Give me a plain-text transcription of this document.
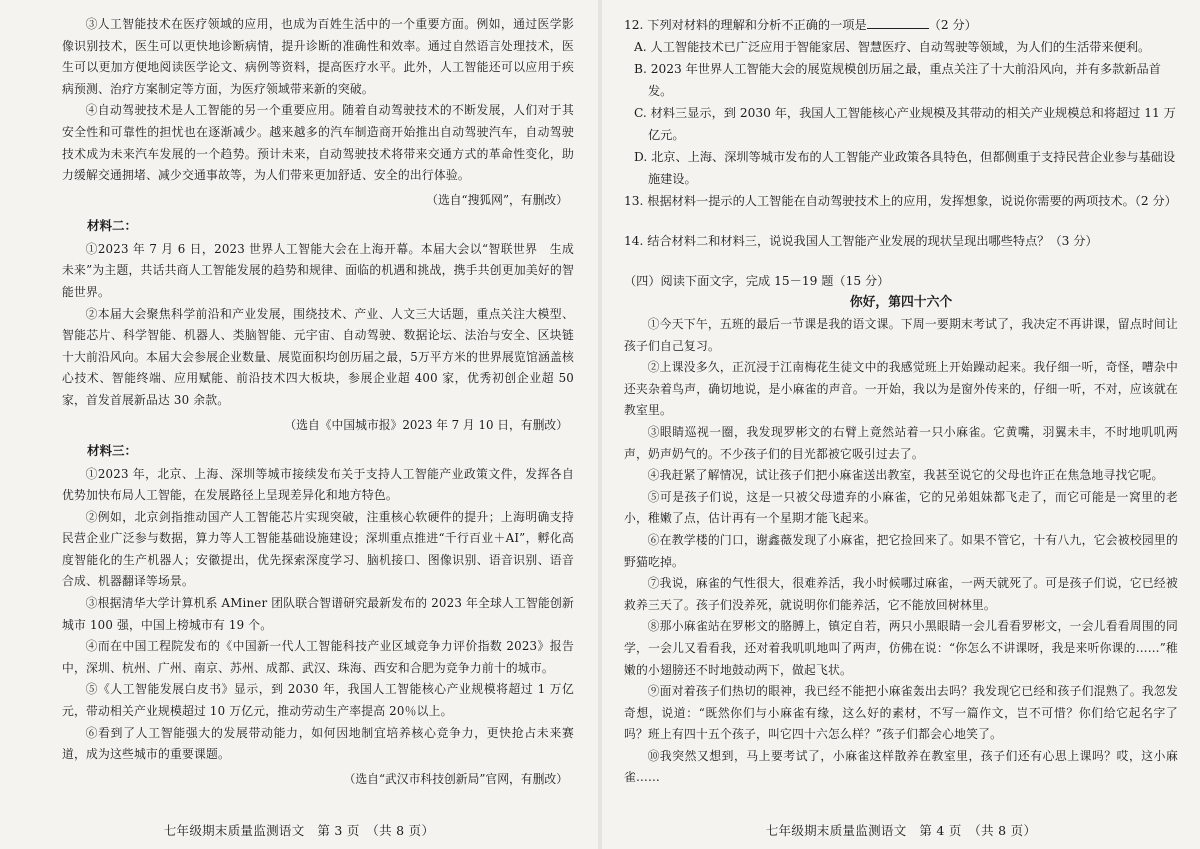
③人工智能技术在医疗领域的应用，也成为百姓生活中的一个重要方面。例如，通过医学影像识别技术，医生可以更快地诊断病情，提升诊断的准确性和效率。通过自然语言处理技术，医生可以更加方便地阅读医学论文、病例等资料，提高医疗水平。此外，人工智能还可以应用于疾病预测、治疗方案制定等方面，为医疗领域带来新的突破。

④自动驾驶技术是人工智能的另一个重要应用。随着自动驾驶技术的不断发展，人们对于其安全性和可靠性的担忧也在逐渐减少。越来越多的汽车制造商开始推出自动驾驶汽车，自动驾驶技术成为未来汽车发展的一个趋势。预计未来，自动驾驶技术将带来交通方式的革命性变化，助力缓解交通拥堵、减少交通事故等，为人们带来更加舒适、安全的出行体验。

（选自“搜狐网”，有删改）

材料二：

①2023 年 7 月 6 日，2023 世界人工智能大会在上海开幕。本届大会以“智联世界　生成未来”为主题，共话共商人工智能发展的趋势和规律、面临的机遇和挑战，携手共创更加美好的智能世界。

②本届大会聚焦科学前沿和产业发展，围绕技术、产业、人文三大话题，重点关注大模型、智能芯片、科学智能、机器人、类脑智能、元宇宙、自动驾驶、数据论坛、法治与安全、区块链十大前沿风向。本届大会参展企业数量、展览面积均创历届之最，5万平方米的世界展览馆涵盖核心技术、智能终端、应用赋能、前沿技术四大板块，参展企业超 400 家，优秀初创企业超 50 家，首发首展新品达 30 余款。

（选自《中国城市报》2023 年 7 月 10 日，有删改）

材料三：

①2023 年，北京、上海、深圳等城市接续发布关于支持人工智能产业政策文件，发挥各自优势加快布局人工智能，在发展路径上呈现差异化和地方特色。

②例如，北京剑指推动国产人工智能芯片实现突破，注重核心软硬件的提升；上海明确支持民营企业广泛参与数据，算力等人工智能基础设施建设；深圳重点推进“千行百业＋AI”，孵化高度智能化的生产机器人；安徽提出，优先探索深度学习、脑机接口、图像识别、语音识别、语音合成、机器翻译等场景。

③根据清华大学计算机系 AMiner 团队联合智谱研究最新发布的 2023 年全球人工智能创新城市 100 强，中国上榜城市有 19 个。

④而在中国工程院发布的《中国新一代人工智能科技产业区域竞争力评价指数 2023》报告中，深圳、杭州、广州、南京、苏州、成都、武汉、珠海、西安和合肥为竞争力前十的城市。

⑤《人工智能发展白皮书》显示，到 2030 年，我国人工智能核心产业规模将超过 1 万亿元，带动相关产业规模超过 10 万亿元，推动劳动生产率提高 20％以上。

⑥看到了人工智能强大的发展带动能力，如何因地制宜培养核心竞争力，更快抢占未来赛道，成为这些城市的重要课题。

（选自“武汉市科技创新局”官网，有删改）

七年级期末质量监测语文　第 3 页　（共 8 页）

12. 下列对材料的理解和分析不正确的一项是	（2 分）

A. 人工智能技术已广泛应用于智能家居、智慧医疗、自动驾驶等领域，为人们的生活带来便利。

B. 2023 年世界人工智能大会的展览规模创历届之最，重点关注了十大前沿风向，并有多款新品首发。

C. 材料三显示，到 2030 年，我国人工智能核心产业规模及其带动的相关产业规模总和将超过 11 万亿元。

D. 北京、上海、深圳等城市发布的人工智能产业政策各具特色，但都侧重于支持民营企业参与基础设施建设。

13. 根据材料一提示的人工智能在自动驾驶技术上的应用，发挥想象，说说你需要的两项技术。（2 分）

14. 结合材料二和材料三，说说我国人工智能产业发展的现状呈现出哪些特点？（3 分）

（四）阅读下面文字，完成 15－19 题（15 分）

你好，第四十六个

①今天下午，五班的最后一节课是我的语文课。下周一要期末考试了，我决定不再讲课，留点时间让孩子们自己复习。

②上课没多久，正沉浸于江南梅花生徒文中的我感觉班上开始躁动起来。我仔细一听，奇怪，嘈杂中还夹杂着鸟声，确切地说，是小麻雀的声音。一开始，我以为是窗外传来的，仔细一听，不对，应该就在教室里。

③眼睛巡视一圈，我发现罗彬文的右臂上竟然站着一只小麻雀。它黄嘴，羽翼未丰，不时地叽叽两声，奶声奶气的。不少孩子们的目光都被它吸引过去了。

④我赶紧了解情况，试让孩子们把小麻雀送出教室，我甚至说它的父母也许正在焦急地寻找它呢。

⑤可是孩子们说，这是一只被父母遗弃的小麻雀，它的兄弟姐妹都飞走了，而它可能是一窝里的老小，稚嫩了点，估计再有一个星期才能飞起来。

⑥在教学楼的门口，谢鑫薇发现了小麻雀，把它捡回来了。如果不管它，十有八九，它会被校园里的野猫吃掉。

⑦我说，麻雀的气性很大，很难养活，我小时候哪过麻雀，一两天就死了。可是孩子们说，它已经被救养三天了。孩子们没养死，就说明你们能养活，它不能放回树林里。

⑧那小麻雀站在罗彬文的胳膊上，镇定自若，两只小黑眼睛一会儿看看罗彬文，一会儿看看周围的同学，一会儿又看看我，还对着我叽叽地叫了两声，仿佛在说：“你怎么不讲课呀，我是来听你课的……”稚嫩的小翅膀还不时地鼓动两下，做起飞状。

⑨面对着孩子们热切的眼神，我已经不能把小麻雀轰出去吗？我发现它已经和孩子们混熟了。我忽发奇想，说道：“既然你们与小麻雀有缘，这么好的素材，不写一篇作文，岂不可惜？你们给它起名字了吗？班上有四十五个孩子，叫它四十六怎么样？”孩子们都会心地笑了。

⑩我突然又想到，马上要考试了，小麻雀这样散养在教室里，孩子们还有心思上课吗？哎，这小麻雀……

七年级期末质量监测语文　第 4 页　（共 8 页）
